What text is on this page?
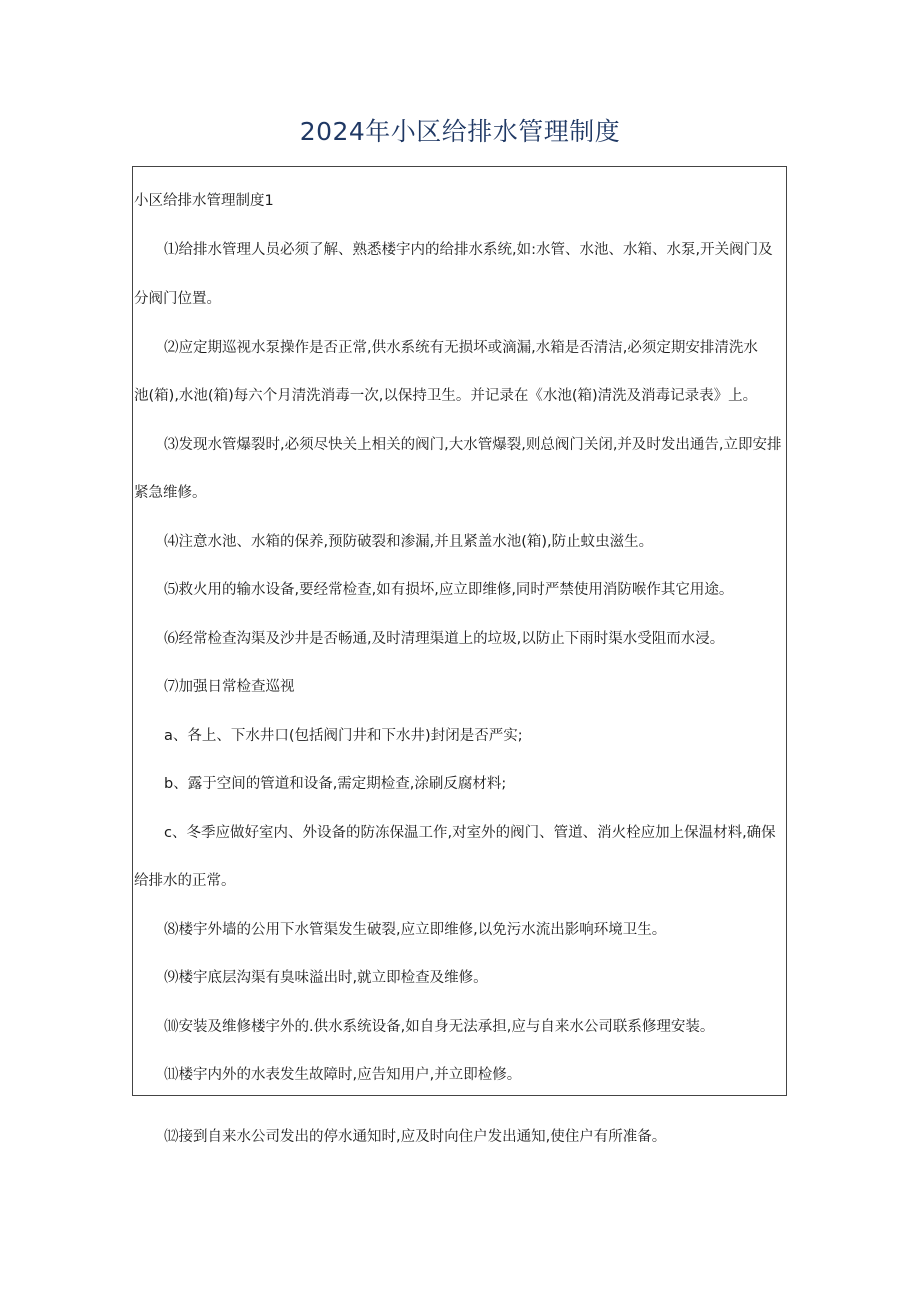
2024年小区给排水管理制度
小区给排水管理制度1
⑴给排水管理人员必须了解、熟悉楼宇内的给排水系统,如:水管、水池、水箱、水泵,开关阀门及
分阀门位置。
⑵应定期巡视水泵操作是否正常,供水系统有无损坏或滴漏,水箱是否清洁,必须定期安排清洗水
池(箱),水池(箱)每六个月清洗消毒一次,以保持卫生。并记录在《水池(箱)清洗及消毒记录表》上。
⑶发现水管爆裂时,必须尽快关上相关的阀门,大水管爆裂,则总阀门关闭,并及时发出通告,立即安排
紧急维修。
⑷注意水池、水箱的保养,预防破裂和渗漏,并且紧盖水池(箱),防止蚊虫滋生。
⑸救火用的输水设备,要经常检查,如有损坏,应立即维修,同时严禁使用消防喉作其它用途。
⑹经常检查沟渠及沙井是否畅通,及时清理渠道上的垃圾,以防止下雨时渠水受阻而水浸。
⑺加强日常检查巡视
a、各上、下水井口(包括阀门井和下水井)封闭是否严实;
b、露于空间的管道和设备,需定期检查,涂刷反腐材料;
c、冬季应做好室内、外设备的防冻保温工作,对室外的阀门、管道、消火栓应加上保温材料,确保
给排水的正常。
⑻楼宇外墙的公用下水管渠发生破裂,应立即维修,以免污水流出影响环境卫生。
⑼楼宇底层沟渠有臭味溢出时,就立即检查及维修。
⑽安装及维修楼宇外的.供水系统设备,如自身无法承担,应与自来水公司联系修理安装。
⑾楼宇内外的水表发生故障时,应告知用户,并立即检修。
⑿接到自来水公司发出的停水通知时,应及时向住户发出通知,使住户有所准备。
